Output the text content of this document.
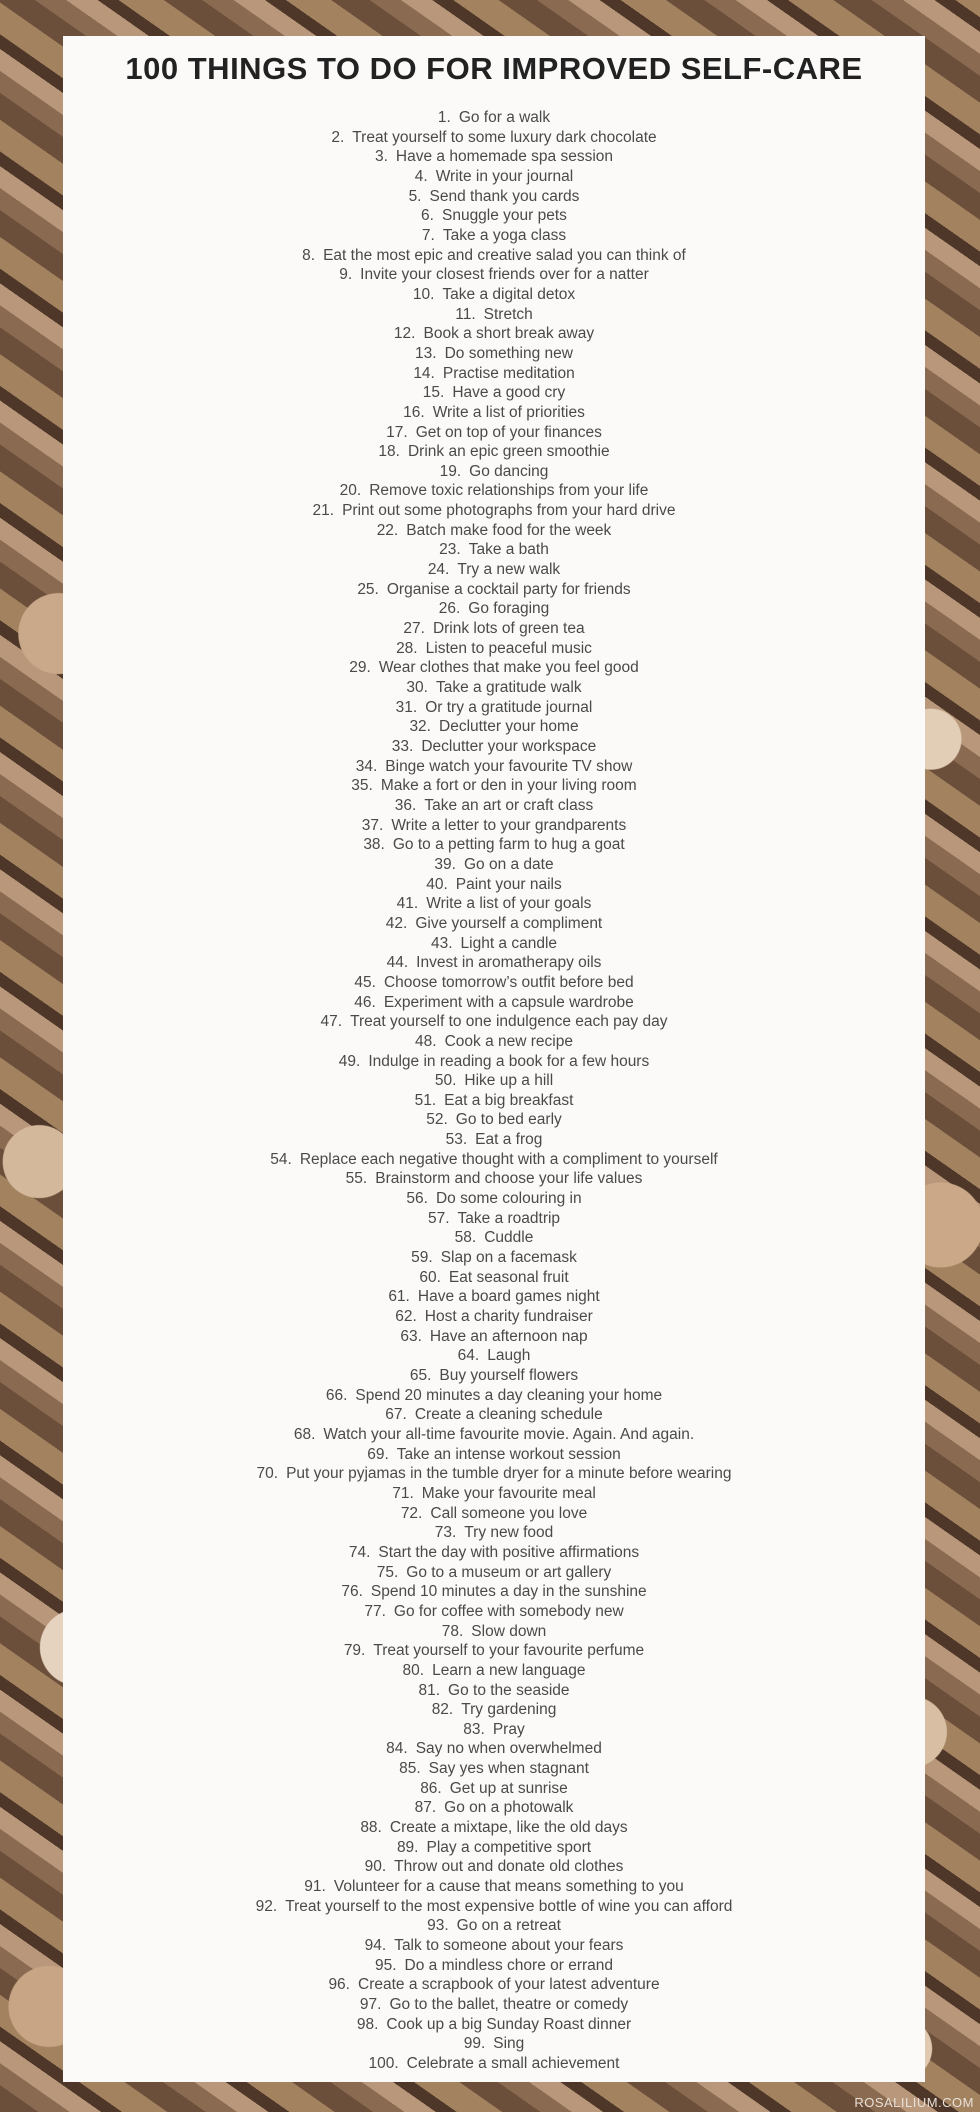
100 THINGS TO DO FOR IMPROVED SELF-CARE
1. Go for a walk
2. Treat yourself to some luxury dark chocolate
3. Have a homemade spa session
4. Write in your journal
5. Send thank you cards
6. Snuggle your pets
7. Take a yoga class
8. Eat the most epic and creative salad you can think of
9. Invite your closest friends over for a natter
10. Take a digital detox
11. Stretch
12. Book a short break away
13. Do something new
14. Practise meditation
15. Have a good cry
16. Write a list of priorities
17. Get on top of your finances
18. Drink an epic green smoothie
19. Go dancing
20. Remove toxic relationships from your life
21. Print out some photographs from your hard drive
22. Batch make food for the week
23. Take a bath
24. Try a new walk
25. Organise a cocktail party for friends
26. Go foraging
27. Drink lots of green tea
28. Listen to peaceful music
29. Wear clothes that make you feel good
30. Take a gratitude walk
31. Or try a gratitude journal
32. Declutter your home
33. Declutter your workspace
34. Binge watch your favourite TV show
35. Make a fort or den in your living room
36. Take an art or craft class
37. Write a letter to your grandparents
38. Go to a petting farm to hug a goat
39. Go on a date
40. Paint your nails
41. Write a list of your goals
42. Give yourself a compliment
43. Light a candle
44. Invest in aromatherapy oils
45. Choose tomorrow’s outfit before bed
46. Experiment with a capsule wardrobe
47. Treat yourself to one indulgence each pay day
48. Cook a new recipe
49. Indulge in reading a book for a few hours
50. Hike up a hill
51. Eat a big breakfast
52. Go to bed early
53. Eat a frog
54. Replace each negative thought with a compliment to yourself
55. Brainstorm and choose your life values
56. Do some colouring in
57. Take a roadtrip
58. Cuddle
59. Slap on a facemask
60. Eat seasonal fruit
61. Have a board games night
62. Host a charity fundraiser
63. Have an afternoon nap
64. Laugh
65. Buy yourself flowers
66. Spend 20 minutes a day cleaning your home
67. Create a cleaning schedule
68. Watch your all-time favourite movie. Again. And again.
69. Take an intense workout session
70. Put your pyjamas in the tumble dryer for a minute before wearing
71. Make your favourite meal
72. Call someone you love
73. Try new food
74. Start the day with positive affirmations
75. Go to a museum or art gallery
76. Spend 10 minutes a day in the sunshine
77. Go for coffee with somebody new
78. Slow down
79. Treat yourself to your favourite perfume
80. Learn a new language
81. Go to the seaside
82. Try gardening
83. Pray
84. Say no when overwhelmed
85. Say yes when stagnant
86. Get up at sunrise
87. Go on a photowalk
88. Create a mixtape, like the old days
89. Play a competitive sport
90. Throw out and donate old clothes
91. Volunteer for a cause that means something to you
92. Treat yourself to the most expensive bottle of wine you can afford
93. Go on a retreat
94. Talk to someone about your fears
95. Do a mindless chore or errand
96. Create a scrapbook of your latest adventure
97. Go to the ballet, theatre or comedy
98. Cook up a big Sunday Roast dinner
99. Sing
100. Celebrate a small achievement
ROSALILIUM.COM
